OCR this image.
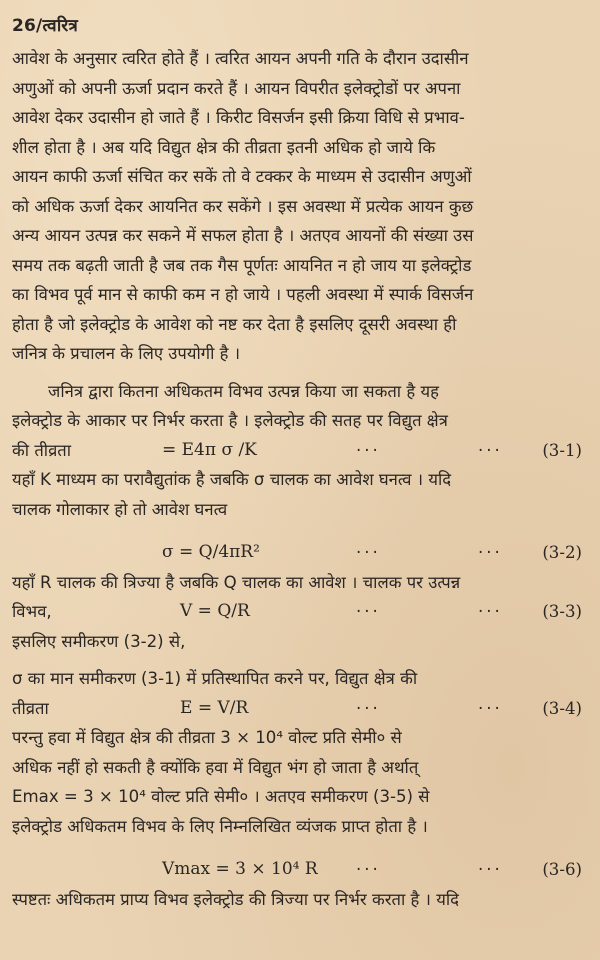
26/त्वरित्र
आवेश के अनुसार त्वरित होते हैं । त्वरित आयन अपनी गति के दौरान उदासीन
अणुओं को अपनी ऊर्जा प्रदान करते हैं । आयन विपरीत इलेक्ट्रोडों पर अपना
आवेश देकर उदासीन हो जाते हैं । किरीट विसर्जन इसी क्रिया विधि से प्रभाव-
शील होता है । अब यदि विद्युत क्षेत्र की तीव्रता इतनी अधिक हो जाये कि
आयन काफी ऊर्जा संचित कर सकें तो वे टक्कर के माध्यम से उदासीन अणुओं
को अधिक ऊर्जा देकर आयनित कर सकेंगे । इस अवस्था में प्रत्येक आयन कुछ
अन्य आयन उत्पन्न कर सकने में सफल होता है । अतएव आयनों की संख्या उस
समय तक बढ़ती जाती है जब तक गैस पूर्णतः आयनित न हो जाय या इलेक्ट्रोड
का विभव पूर्व मान से काफी कम न हो जाये । पहली अवस्था में स्पार्क विसर्जन
होता है जो इलेक्ट्रोड के आवेश को नष्ट कर देता है इसलिए दूसरी अवस्था ही
जनित्र के प्रचालन के लिए उपयोगी है ।
जनित्र द्वारा कितना अधिकतम विभव उत्पन्न किया जा सकता है यह
इलेक्ट्रोड के आकार पर निर्भर करता है । इलेक्ट्रोड की सतह पर विद्युत क्षेत्र
की तीव्रता	= E4π σ /K	···	··· (3-1)
यहाँ K माध्यम का परावैद्युतांक है जबकि σ चालक का आवेश घनत्व । यदि
चालक गोलाकार हो तो आवेश घनत्व
σ = Q/4πR²	···	··· (3-2)
यहाँ R चालक की त्रिज्या है जबकि Q चालक का आवेश । चालक पर उत्पन्न
विभव,	V = Q/R	···	··· (3-3)
इसलिए समीकरण (3-2) से,
σ का मान समीकरण (3-1) में प्रतिस्थापित करने पर, विद्युत क्षेत्र की
तीव्रता	E = V/R	···	··· (3-4)
परन्तु हवा में विद्युत क्षेत्र की तीव्रता 3 × 10⁴ वोल्ट प्रति सेमी० से
अधिक नहीं हो सकती है क्योंकि हवा में विद्युत भंग हो जाता है अर्थात्
Emax = 3 × 10⁴ वोल्ट प्रति सेमी० । अतएव समीकरण (3-5) से
इलेक्ट्रोड अधिकतम विभव के लिए निम्नलिखित व्यंजक प्राप्त होता है ।
Vmax = 3 × 10⁴ R ···	··· (3-6)
स्पष्टतः अधिकतम प्राप्य विभव इलेक्ट्रोड की त्रिज्या पर निर्भर करता है । यदि
